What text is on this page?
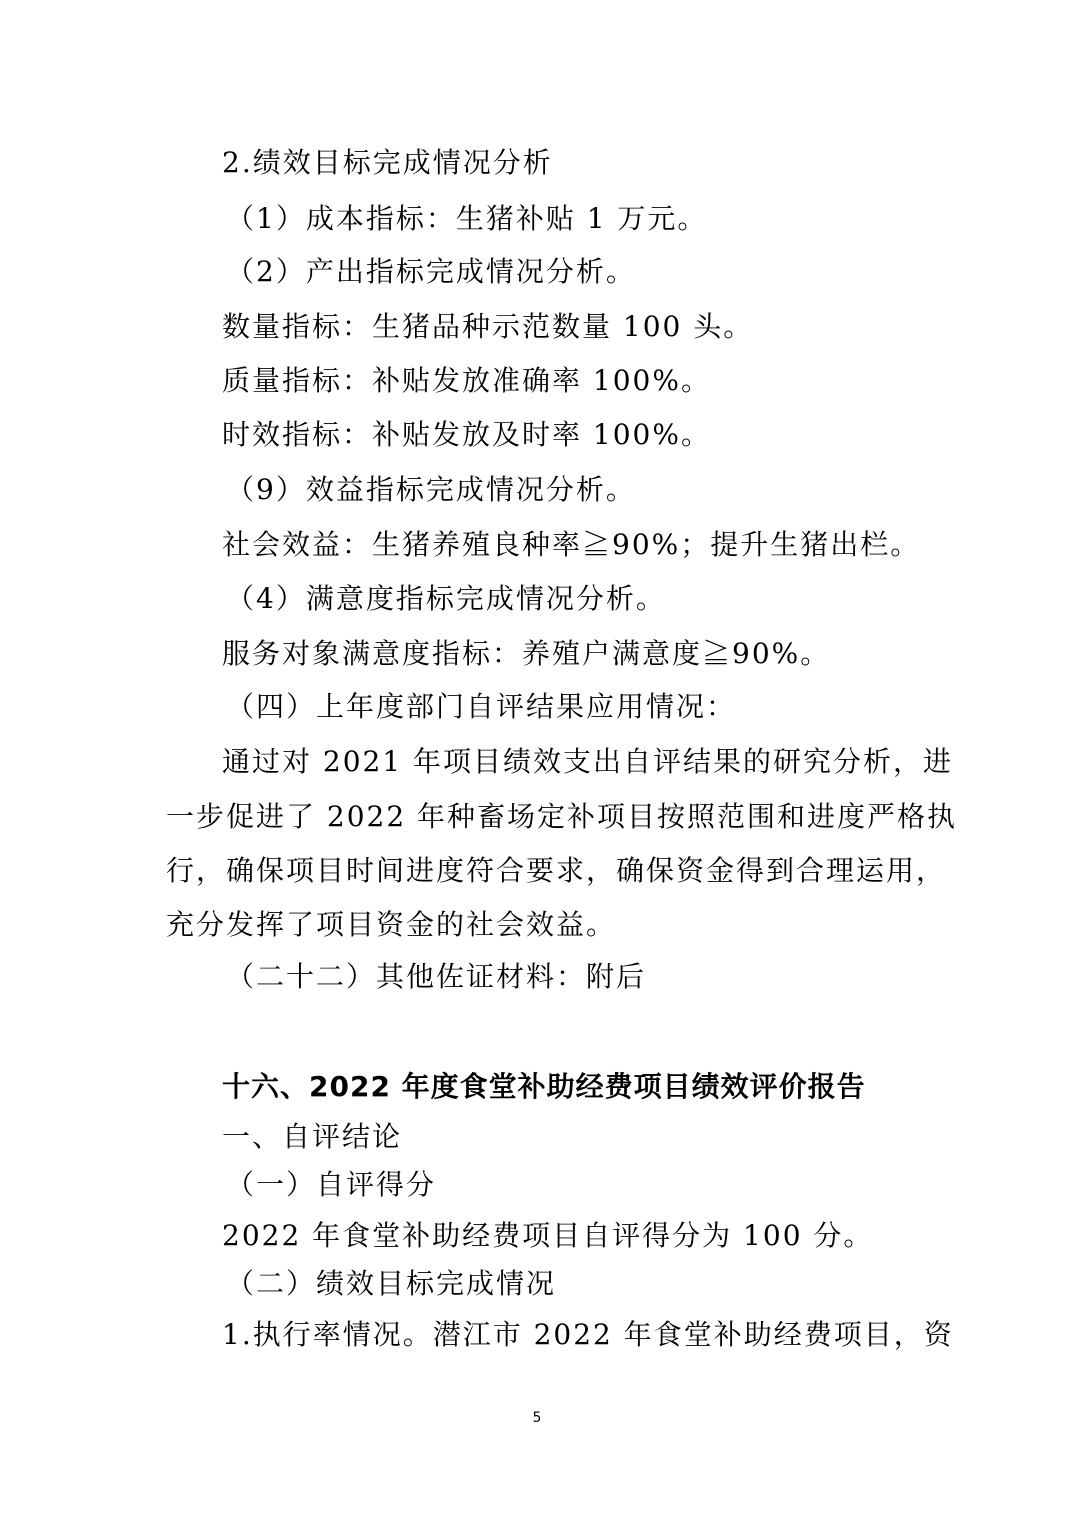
2.绩效目标完成情况分析
（1）成本指标：生猪补贴 1 万元。
（2）产出指标完成情况分析。
数量指标：生猪品种示范数量 100 头。
质量指标：补贴发放准确率 100%。
时效指标：补贴发放及时率 100%。
（9）效益指标完成情况分析。
社会效益：生猪养殖良种率≧90%；提升生猪出栏。
（4）满意度指标完成情况分析。
服务对象满意度指标：养殖户满意度≧90%。
（四）上年度部门自评结果应用情况：
通过对 2021 年项目绩效支出自评结果的研究分析，进
一步促进了 2022 年种畜场定补项目按照范围和进度严格执
行，确保项目时间进度符合要求，确保资金得到合理运用，
充分发挥了项目资金的社会效益。
（二十二）其他佐证材料：附后
十六、2022 年度食堂补助经费项目绩效评价报告
一、自评结论
（一）自评得分
2022 年食堂补助经费项目自评得分为 100 分。
（二）绩效目标完成情况
1.执行率情况。潜江市 2022 年食堂补助经费项目，资
5
